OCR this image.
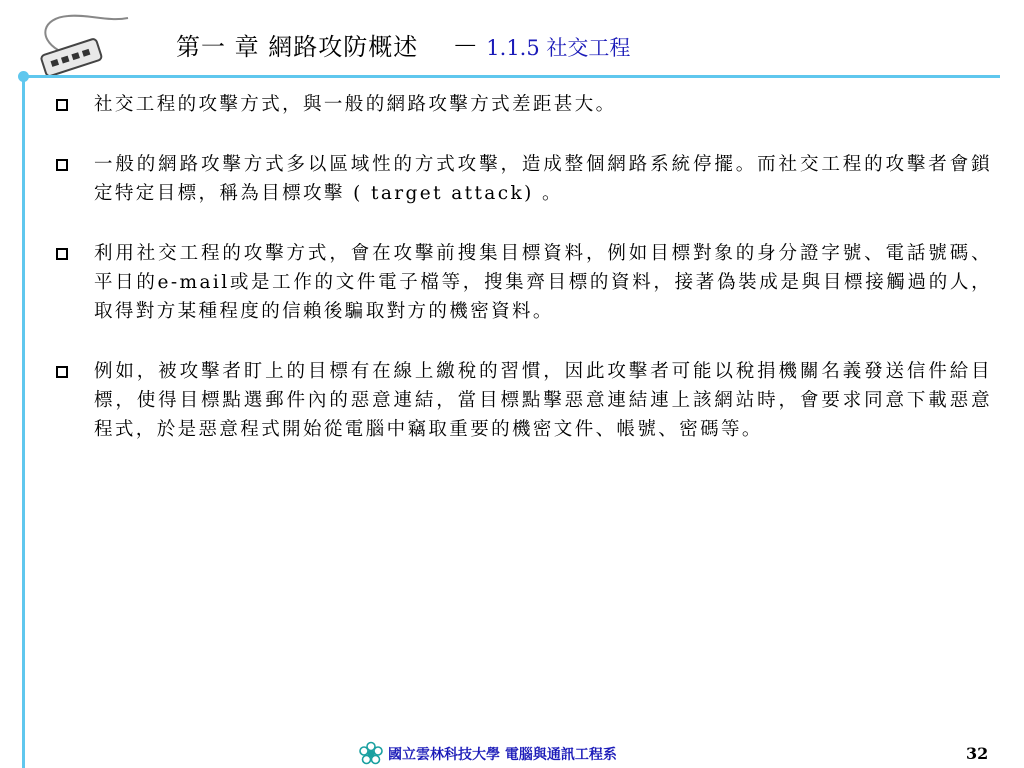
第一 章 網路攻防概述 － 1.1.5 社交工程
社交工程的攻擊方式，與一般的網路攻擊方式差距甚大。
一般的網路攻擊方式多以區域性的方式攻擊，造成整個網路系統停擺。而社交工程的攻擊者會鎖定特定目標，稱為目標攻擊 ( target attack) 。
利用社交工程的攻擊方式，會在攻擊前搜集目標資料，例如目標對象的身分證字號、電話號碼、平日的e-mail或是工作的文件電子檔等，搜集齊目標的資料，接著偽裝成是與目標接觸過的人，取得對方某種程度的信賴後騙取對方的機密資料。
例如，被攻擊者盯上的目標有在線上繳稅的習慣，因此攻擊者可能以稅捐機關名義發送信件給目標，使得目標點選郵件內的惡意連結，當目標點擊惡意連結連上該網站時，會要求同意下載惡意程式，於是惡意程式開始從電腦中竊取重要的機密文件、帳號、密碼等。
國立雲林科技大學 電腦與通訊工程系	32
